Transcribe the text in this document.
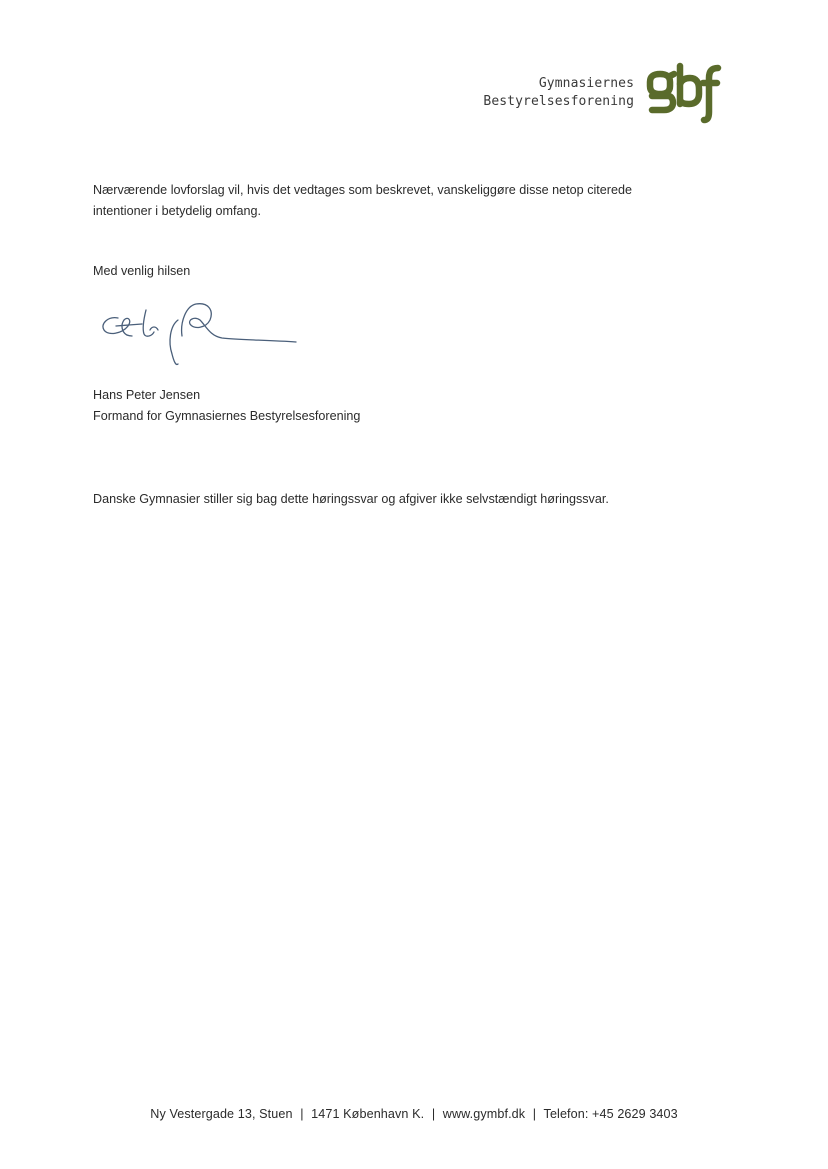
Gymnasiernes
Bestyrelsesforening
Nærværende lovforslag vil, hvis det vedtages som beskrevet, vanskeliggøre disse netop citerede
intentioner i betydelig omfang.
Med venlig hilsen
Hans Peter Jensen
Formand for Gymnasiernes Bestyrelsesforening
Danske Gymnasier stiller sig bag dette høringssvar og afgiver ikke selvstændigt høringssvar.
Ny Vestergade 13, Stuen | 1471 København K. | www.gymbf.dk | Telefon: +45 2629 3403
